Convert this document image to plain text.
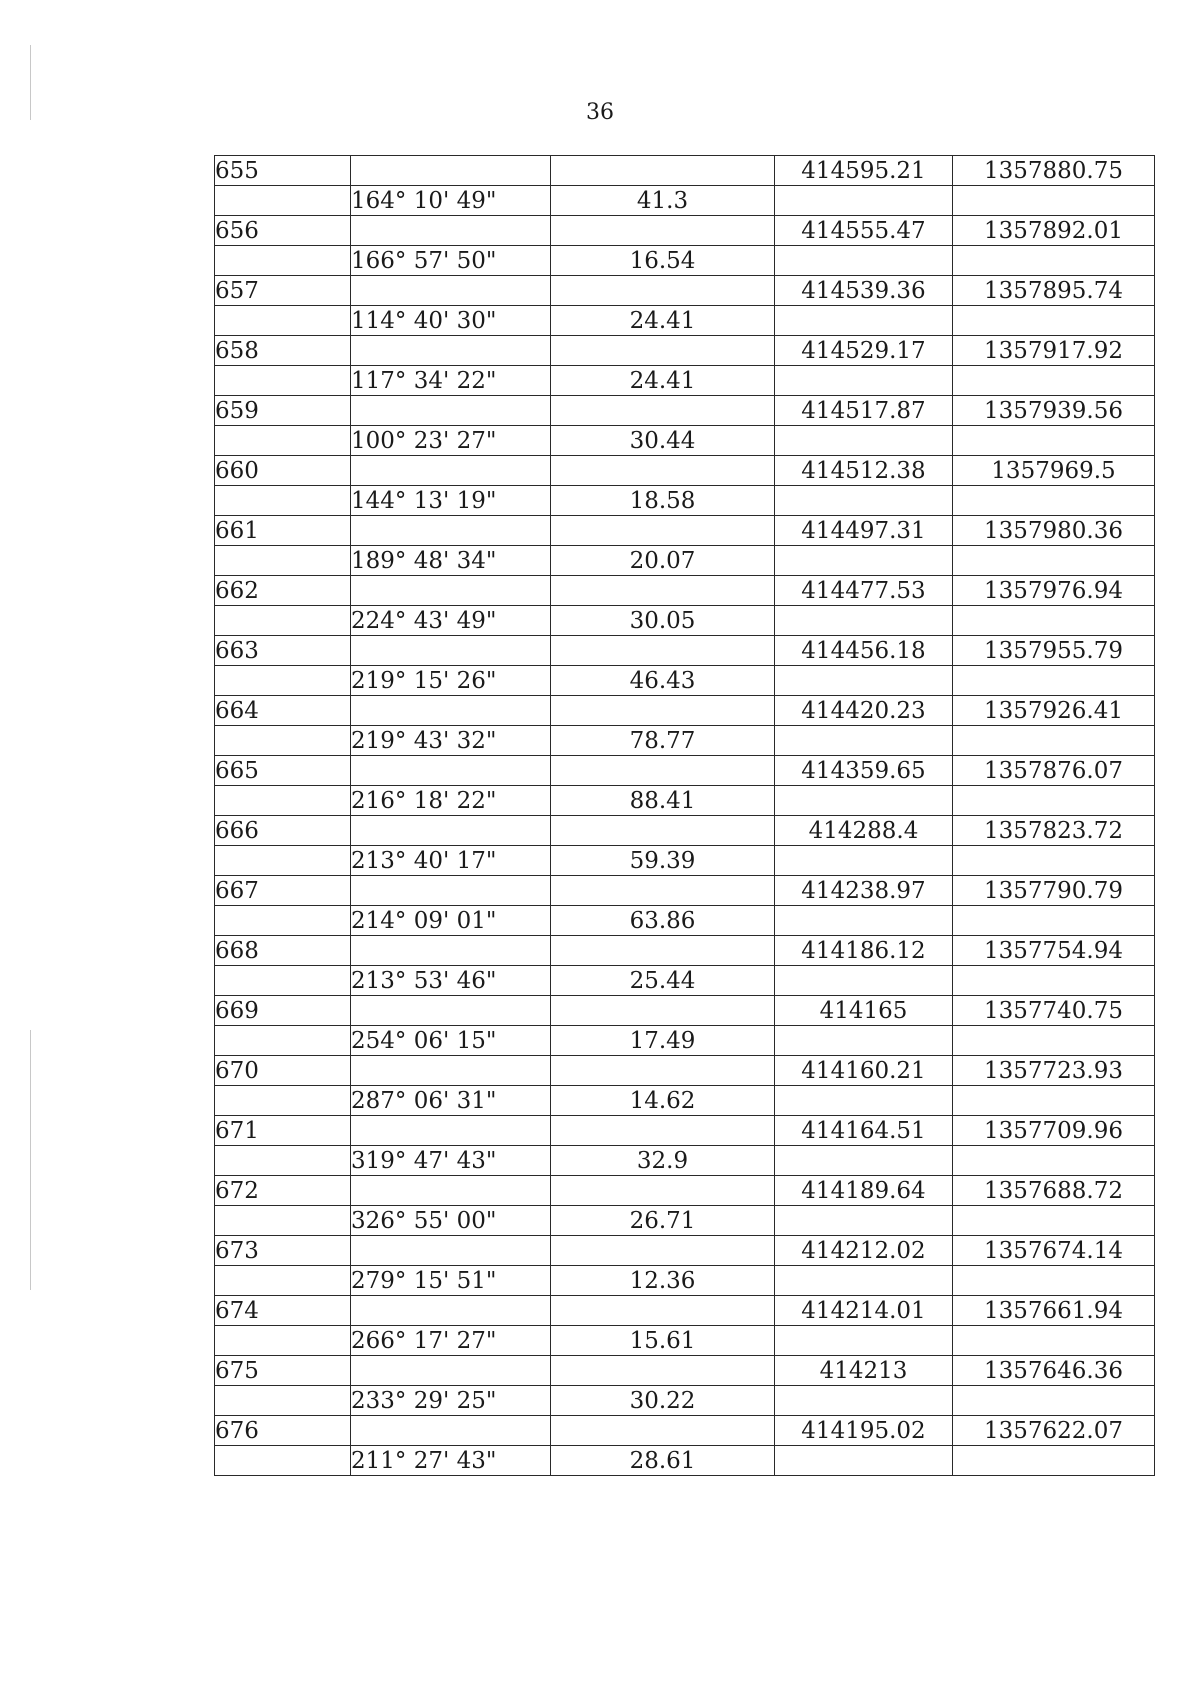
36
655			414595.21	1357880.75
	164° 10' 49"	41.3		
656			414555.47	1357892.01
	166° 57' 50"	16.54		
657			414539.36	1357895.74
	114° 40' 30"	24.41		
658			414529.17	1357917.92
	117° 34' 22"	24.41		
659			414517.87	1357939.56
	100° 23' 27"	30.44		
660			414512.38	1357969.5
	144° 13' 19"	18.58		
661			414497.31	1357980.36
	189° 48' 34"	20.07		
662			414477.53	1357976.94
	224° 43' 49"	30.05		
663			414456.18	1357955.79
	219° 15' 26"	46.43		
664			414420.23	1357926.41
	219° 43' 32"	78.77		
665			414359.65	1357876.07
	216° 18' 22"	88.41		
666			414288.4	1357823.72
	213° 40' 17"	59.39		
667			414238.97	1357790.79
	214° 09' 01"	63.86		
668			414186.12	1357754.94
	213° 53' 46"	25.44		
669			414165	1357740.75
	254° 06' 15"	17.49		
670			414160.21	1357723.93
	287° 06' 31"	14.62		
671			414164.51	1357709.96
	319° 47' 43"	32.9		
672			414189.64	1357688.72
	326° 55' 00"	26.71		
673			414212.02	1357674.14
	279° 15' 51"	12.36		
674			414214.01	1357661.94
	266° 17' 27"	15.61		
675			414213	1357646.36
	233° 29' 25"	30.22		
676			414195.02	1357622.07
	211° 27' 43"	28.61		
